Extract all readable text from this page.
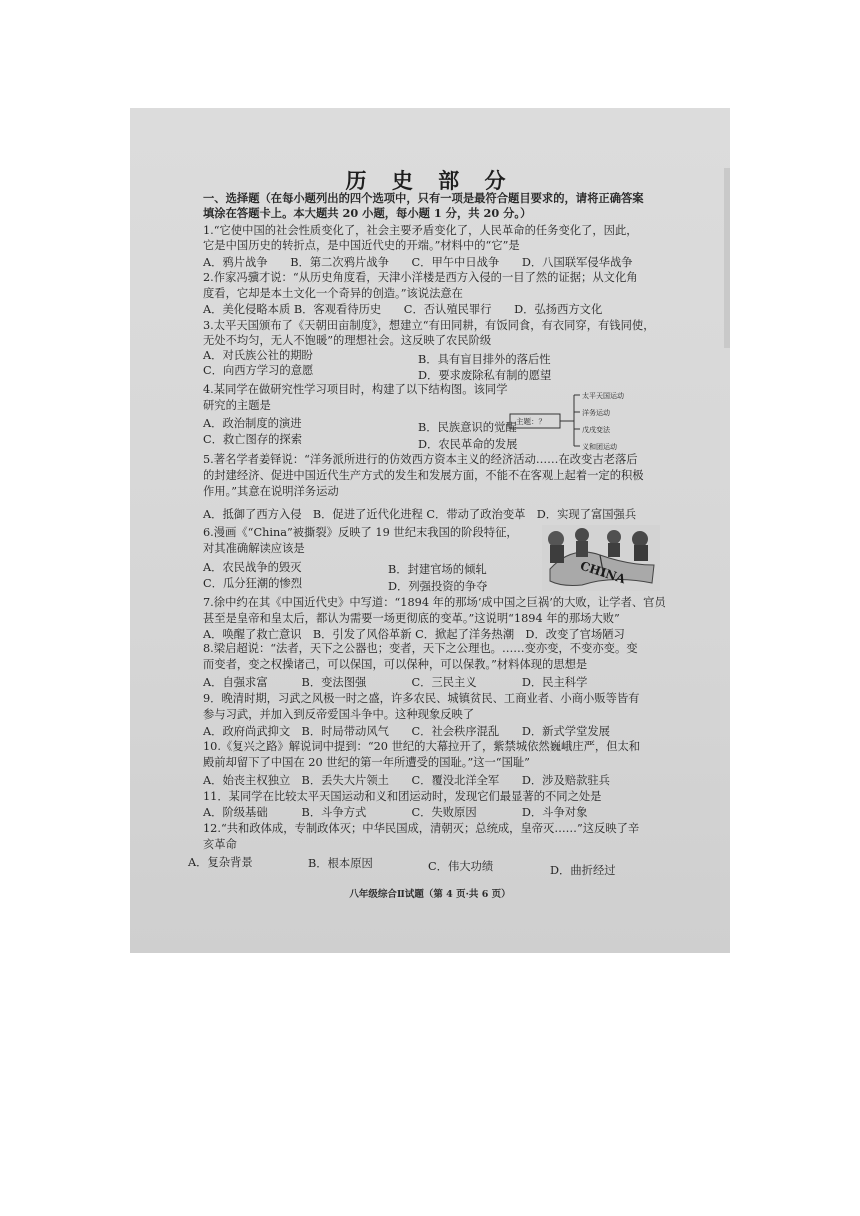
历 史 部 分
一、选择题（在每小题列出的四个选项中，只有一项是最符合题目要求的，请将正确答案
填涂在答题卡上。本大题共 20 小题，每小题 1 分，共 20 分。）
1.“它使中国的社会性质变化了，社会主要矛盾变化了，人民革命的任务变化了，因此，
它是中国历史的转折点，是中国近代史的开端。”材料中的“它”是
A．鸦片战争　　B．第二次鸦片战争　　C．甲午中日战争　　D．八国联军侵华战争
2.作家冯骥才说：“从历史角度看，天津小洋楼是西方入侵的一目了然的证据；从文化角
度看，它却是本土文化一个奇异的创造。”该说法意在
A．美化侵略本质 B．客观看待历史　　C．否认殖民罪行　　D．弘扬西方文化
3.太平天国颁布了《天朝田亩制度》，想建立“有田同耕，有饭同食，有衣同穿，有钱同使，
无处不均匀，无人不饱暖”的理想社会。这反映了农民阶级
A．对氏族公社的期盼	B．具有盲目排外的落后性
C．向西方学习的意愿	D．要求废除私有制的愿望
4.某同学在做研究性学习项目时，构建了以下结构图。该同学
研究的主题是
主题：？
太平天国运动
洋务运动
戊戌变法
义和团运动
A．政治制度的演进	B．民族意识的觉醒
C．救亡图存的探索	D．农民革命的发展
5.著名学者姜铎说：“洋务派所进行的仿效西方资本主义的经济活动……在改变古老落后
的封建经济、促进中国近代生产方式的发生和发展方面，不能不在客观上起着一定的积极
作用。”其意在说明洋务运动
A．抵御了西方入侵　B．促进了近代化进程 C．带动了政治变革　D．实现了富国强兵
6.漫画《“China”被撕裂》反映了 19 世纪末我国的阶段特征，
对其准确解读应该是
CHINA
A．农民战争的毁灭	B．封建官场的倾轧
C．瓜分狂潮的惨烈	D．列强投资的争夺
7.徐中约在其《中国近代史》中写道：“1894 年的那场‘成中国之巨祸’的大败，让学者、官员
甚至是皇帝和皇太后，都认为需要一场更彻底的变革。”这说明“1894 年的那场大败”
A．唤醒了救亡意识　B．引发了风俗革新 C．掀起了洋务热潮　D．改变了官场陋习
8.梁启超说：“法者，天下之公器也；变者，天下之公理也。……变亦变，不变亦变。变
而变者，变之权操诸己，可以保国，可以保种，可以保教。”材料体现的思想是
A．自强求富　　　B．变法图强　　　　C．三民主义　　　　D．民主科学
9．晚清时期，习武之风极一时之盛，许多农民、城镇贫民、工商业者、小商小贩等皆有
参与习武，并加入到反帝爱国斗争中。这种现象反映了
A．政府尚武抑文　B．时局带动风气　　C．社会秩序混乱　　D．新式学堂发展
10.《复兴之路》解说词中提到：“20 世纪的大幕拉开了，紫禁城依然巍峨庄严，但太和
殿前却留下了中国在 20 世纪的第一年所遭受的国耻。”这一“国耻”
A．始丧主权独立　B．丢失大片领土　　C．覆没北洋全军　　D．涉及赔款驻兵
11．某同学在比较太平天国运动和义和团运动时，发现它们最显著的不同之处是
A．阶级基础　　　B．斗争方式　　　　C．失败原因　　　　D．斗争对象
12.“共和政体成，专制政体灭；中华民国成，清朝灭；总统成，皇帝灭……”这反映了辛
亥革命
A．复杂背景	B．根本原因	C．伟大功绩	D．曲折经过
八年级综合Ⅱ试题（第 4 页·共 6 页）
